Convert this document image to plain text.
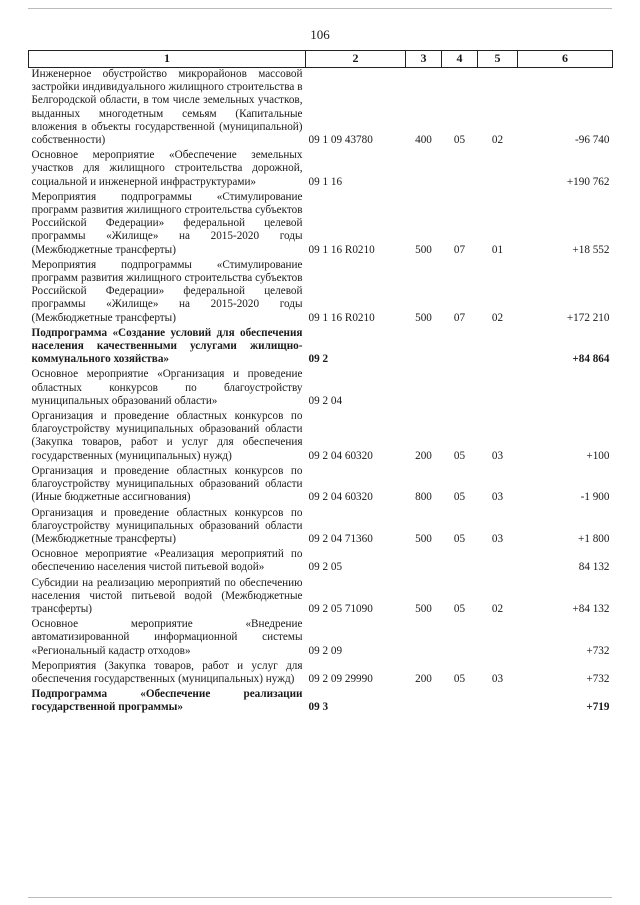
106
1	2	3	4	5	6
Инженерное обустройство микрорайонов массовой застройки индивидуального жилищного строительства в Белгородской области, в том числе земельных участков, выданных многодетным семьям (Капитальные вложения в объекты государственной (муниципальной) собственности)	09 1 09 43780	400	05	02	-96 740
Основное мероприятие «Обеспечение земельных участков для жилищного строительства дорожной, социальной и инженерной инфраструктурами»	09 1 16				+190 762
Мероприятия подпрограммы «Стимулирование программ развития жилищного строительства субъектов Российской Федерации» федеральной целевой программы «Жилище» на 2015-2020 годы (Межбюджетные трансферты)	09 1 16 R0210	500	07	01	+18 552
Мероприятия подпрограммы «Стимулирование программ развития жилищного строительства субъектов Российской Федерации» федеральной целевой программы «Жилище» на 2015-2020 годы (Межбюджетные трансферты)	09 1 16 R0210	500	07	02	+172 210
Подпрограмма «Создание условий для обеспечения населения качественными услугами жилищно-коммунального хозяйства»	09 2				+84 864
Основное мероприятие «Организация и проведение областных конкурсов по благоустройству муниципальных образований области»	09 2 04				
Организация и проведение областных конкурсов по благоустройству муниципальных образований области (Закупка товаров, работ и услуг для обеспечения государственных (муниципальных) нужд)	09 2 04 60320	200	05	03	+100
Организация и проведение областных конкурсов по благоустройству муниципальных образований области (Иные бюджетные ассигнования)	09 2 04 60320	800	05	03	-1 900
Организация и проведение областных конкурсов по благоустройству муниципальных образований области (Межбюджетные трансферты)	09 2 04 71360	500	05	03	+1 800
Основное мероприятие «Реализация мероприятий по обеспечению населения чистой питьевой водой»	09 2 05				84 132
Субсидии на реализацию мероприятий по обеспечению населения чистой питьевой водой (Межбюджетные трансферты)	09 2 05 71090	500	05	02	+84 132
Основное мероприятие «Внедрение автоматизированной информационной системы «Региональный кадастр отходов»	09 2 09				+732
Мероприятия (Закупка товаров, работ и услуг для обеспечения государственных (муниципальных) нужд)	09 2 09 29990	200	05	03	+732
Подпрограмма «Обеспечение реализации государственной программы»	09 3				+719
